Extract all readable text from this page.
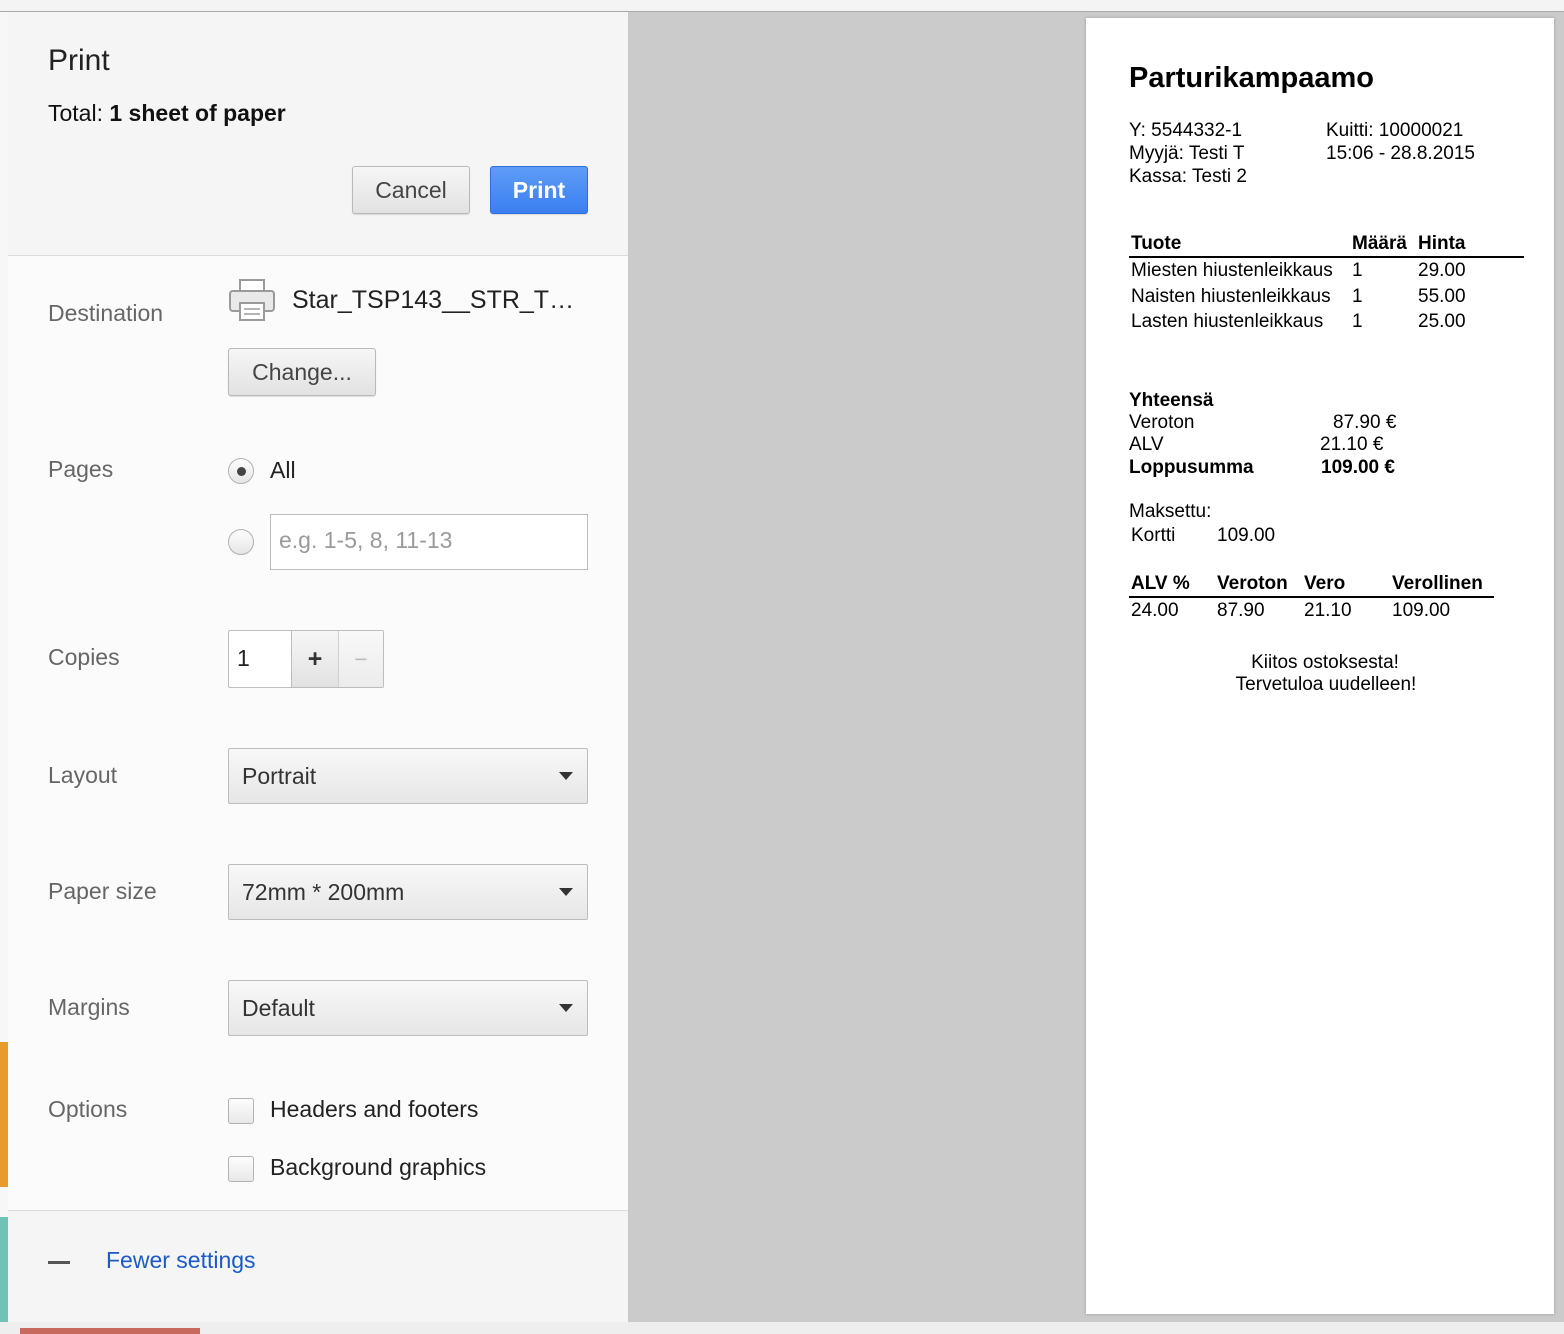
Print
Total: 1 sheet of paper
Cancel	Print
Destination	Star_TSP143__STR_T…
Change...
Pages	All
e.g. 1-5, 8, 11-13
Copies	1	+	−
Layout	Portrait
Paper size	72mm * 200mm
Margins	Default
Options	Headers and footers
Background graphics
Fewer settings
Parturikampaamo
Y: 5544332-1	Kuitti: 10000021
Myyjä: Testi T	15:06 - 28.8.2015
Kassa: Testi 2
Tuote	Määrä Hinta
Miesten hiustenleikkaus 1	29.00
Naisten hiustenleikkaus 1	55.00
Lasten hiustenleikkaus 1	25.00
Yhteensä
Veroton	87.90 €
ALV	21.10 €
Loppusumma	109.00 €
Maksettu:
Kortti 109.00
ALV % Veroton Vero Verollinen
24.00 87.90 21.10 109.00
Kiitos ostoksesta!
Tervetuloa uudelleen!
